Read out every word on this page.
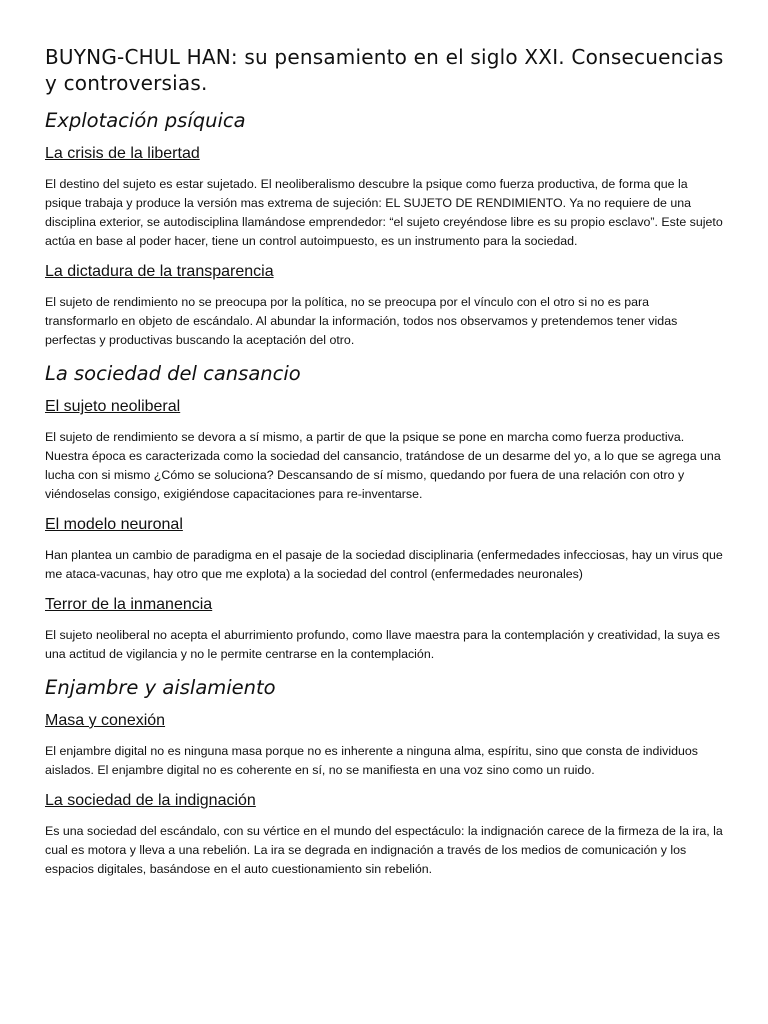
BUYNG-CHUL HAN: su pensamiento en el siglo XXI. Consecuencias y controversias.
Explotación psíquica
La crisis de la libertad

El destino del sujeto es estar sujetado. El neoliberalismo descubre la psique como fuerza productiva, de forma que la psique trabaja y produce la versión mas extrema de sujeción: EL SUJETO DE RENDIMIENTO. Ya no requiere de una disciplina exterior, se autodisciplina llamándose emprendedor: “el sujeto creyéndose libre es su propio esclavo”. Este sujeto actúa en base al poder hacer, tiene un control autoimpuesto, es un instrumento para la sociedad.

La dictadura de la transparencia

El sujeto de rendimiento no se preocupa por la política, no se preocupa por el vínculo con el otro si no es para transformarlo en objeto de escándalo. Al abundar la información, todos nos observamos y pretendemos tener vidas perfectas y productivas buscando la aceptación del otro.

La sociedad del cansancio
El sujeto neoliberal

El sujeto de rendimiento se devora a sí mismo, a partir de que la psique se pone en marcha como fuerza productiva. Nuestra época es caracterizada como la sociedad del cansancio, tratándose de un desarme del yo, a lo que se agrega una lucha con si mismo ¿Cómo se soluciona? Descansando de sí mismo, quedando por fuera de una relación con otro y viéndoselas consigo, exigiéndose capacitaciones para re-inventarse.

El modelo neuronal

Han plantea un cambio de paradigma en el pasaje de la sociedad disciplinaria (enfermedades infecciosas, hay un virus que me ataca-vacunas, hay otro que me explota) a la sociedad del control (enfermedades neuronales)

Terror de la inmanencia

El sujeto neoliberal no acepta el aburrimiento profundo, como llave maestra para la contemplación y creatividad, la suya es una actitud de vigilancia y no le permite centrarse en la contemplación.

Enjambre y aislamiento
Masa y conexión

El enjambre digital no es ninguna masa porque no es inherente a ninguna alma, espíritu, sino que consta de individuos aislados. El enjambre digital no es coherente en sí, no se manifiesta en una voz sino como un ruido.

La sociedad de la indignación

Es una sociedad del escándalo, con su vértice en el mundo del espectáculo: la indignación carece de la firmeza de la ira, la cual es motora y lleva a una rebelión. La ira se degrada en indignación a través de los medios de comunicación y los espacios digitales, basándose en el auto cuestionamiento sin rebelión.
